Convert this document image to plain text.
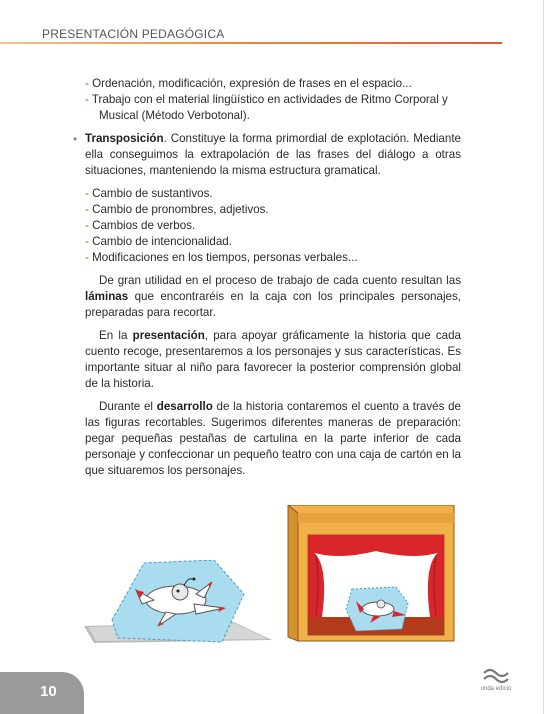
PRESENTACIÓN PEDAGÓGICA

- Ordenación, modificación, expresión de frases en el espacio...

- Trabajo con el material lingüístico en actividades de Ritmo Corporal y Musical (Método Verbotonal).

• Transposición. Constituye la forma primordial de explotación. Mediante ella conseguimos la extrapolación de las frases del diálogo a otras situaciones, manteniendo la misma estructura gramatical.

- Cambio de sustantivos.

- Cambio de pronombres, adjetivos.

- Cambios de verbos.

- Cambio de intencionalidad.

- Modificaciones en los tiempos, personas verbales...

De gran utilidad en el proceso de trabajo de cada cuento resultan las láminas que encontraréis en la caja con los principales personajes, preparadas para recortar.

En la presentación, para apoyar gráficamente la historia que cada cuento recoge, presentaremos a los personajes y sus características. Es importante situar al niño para favorecer la posterior comprensión global de la historia.

Durante el desarrollo de la historia contaremos el cuento a través de las figuras recortables. Sugerimos diferentes maneras de preparación: pegar pequeñas pestañas de cartulina en la parte inferior de cada personaje y confeccionar un pequeño teatro con una caja de cartón en la que situaremos los personajes.

10	onda edicio
